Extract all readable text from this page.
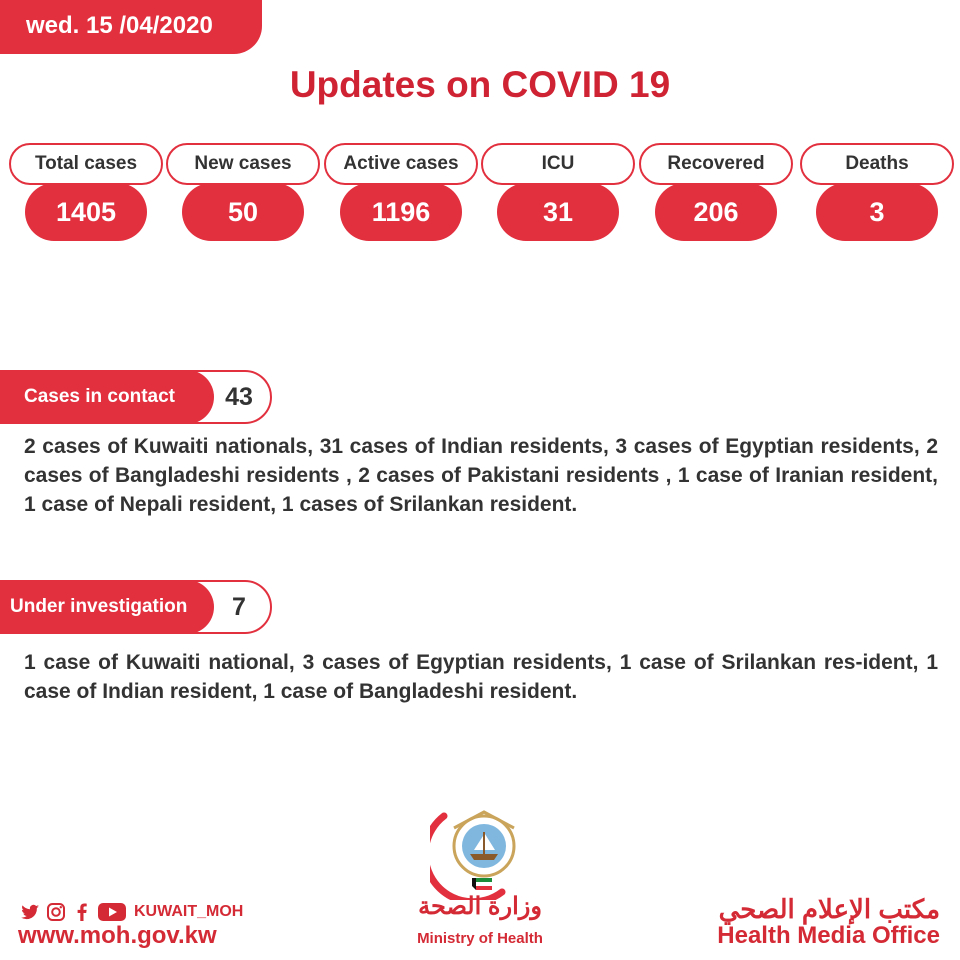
wed. 15 /04/2020
Updates on COVID 19
Total cases
1405
New cases
50
Active cases
1196
ICU
31
Recovered
206
Deaths
3
Cases in contact	43
2 cases of Kuwaiti nationals, 31 cases of Indian residents, 3 cases of Egyptian residents, 2 cases of Bangladeshi residents , 2 cases of Pakistani residents , 1 case of Iranian resident, 1 case of Nepali resident, 1 cases of Srilankan resident.
Under investigation	7
1 case of Kuwaiti national, 3 cases of Egyptian residents, 1 case of Srilankan res-ident, 1 case of Indian resident, 1 case of Bangladeshi resident.
وزارة الصحة
Ministry of Health
KUWAIT_MOH
www.moh.gov.kw
مكتب الإعلام الصحي
Health Media Office
